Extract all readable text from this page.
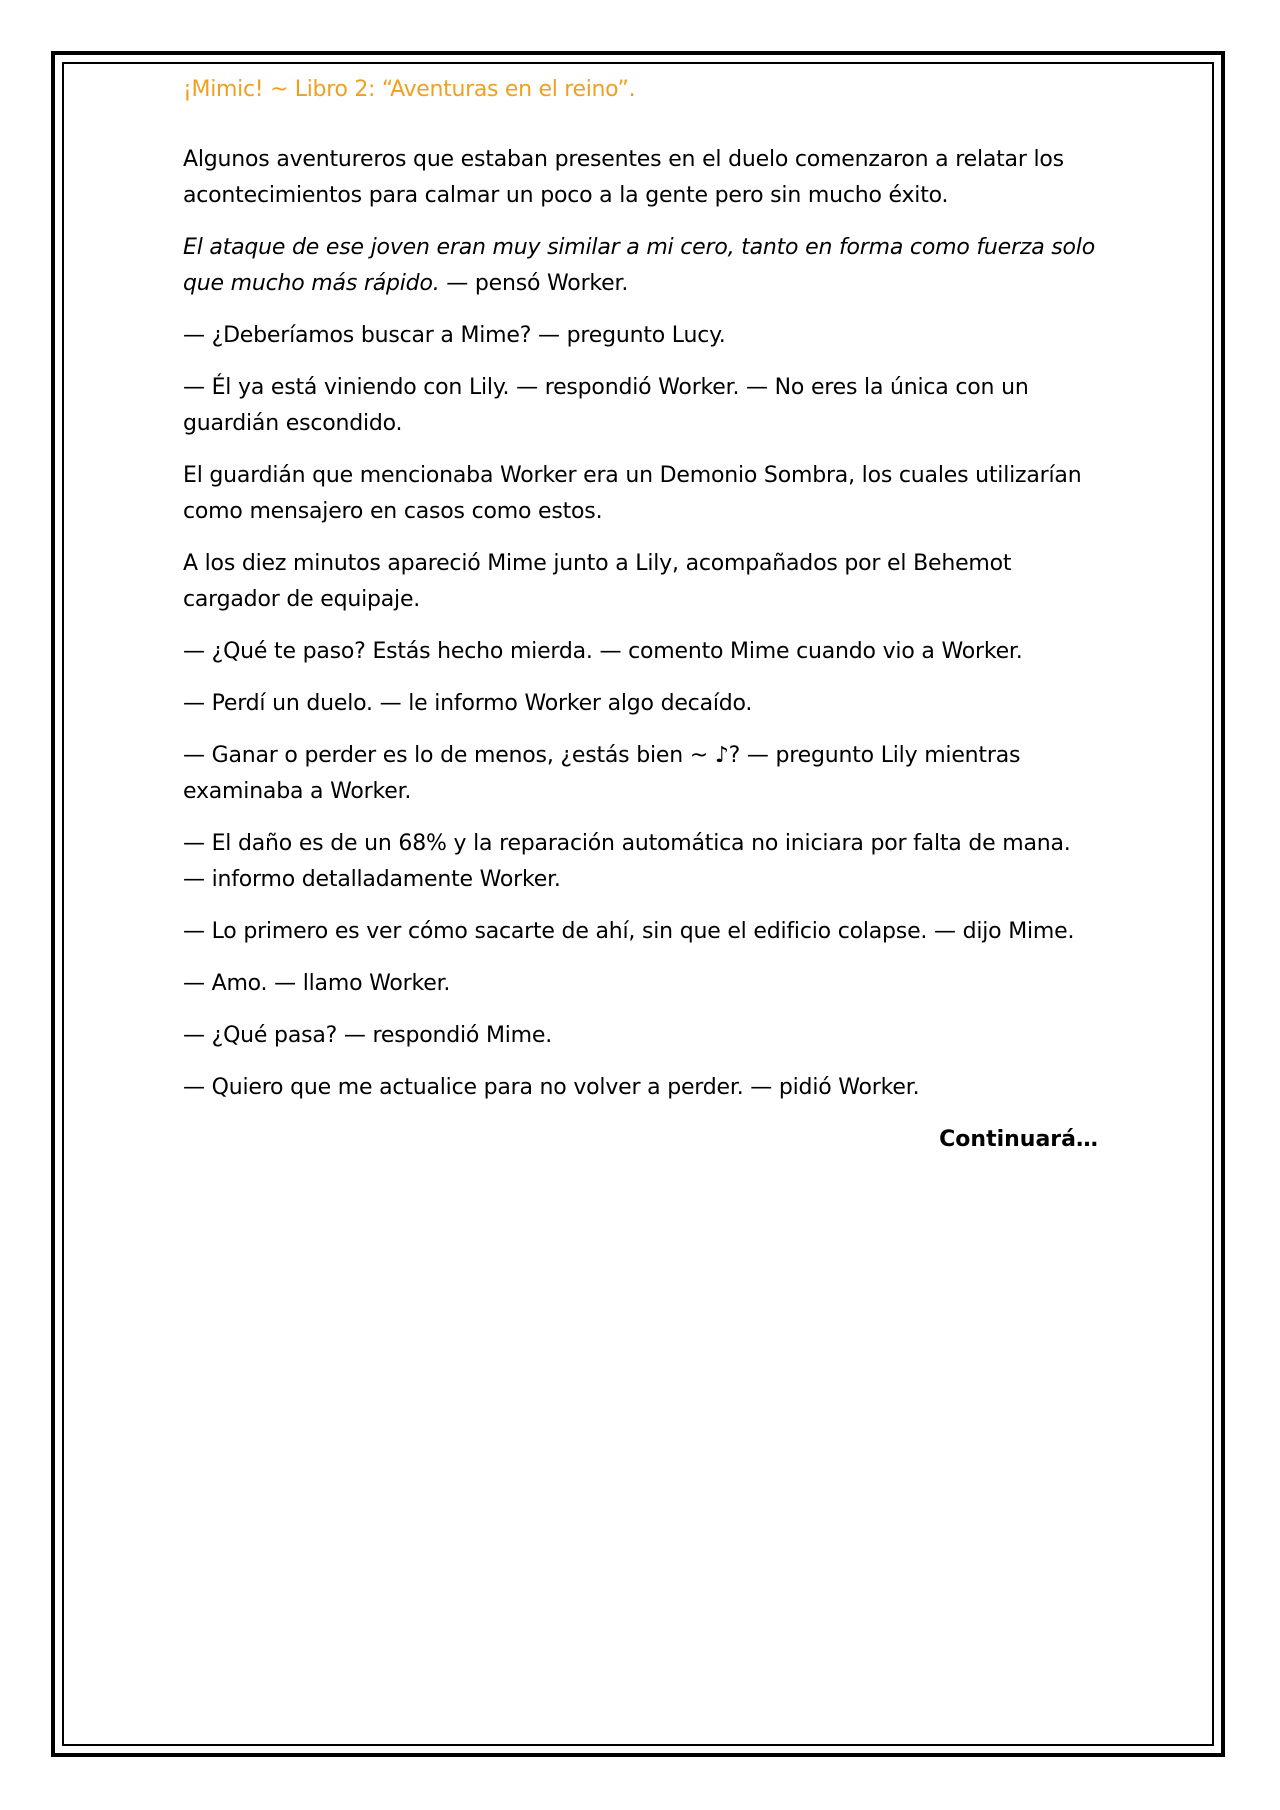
¡Mimic! ~ Libro 2: “Aventuras en el reino”.

Algunos aventureros que estaban presentes en el duelo comenzaron a relatar los acontecimientos para calmar un poco a la gente pero sin mucho éxito.

El ataque de ese joven eran muy similar a mi cero, tanto en forma como fuerza solo que mucho más rápido. — pensó Worker.

— ¿Deberíamos buscar a Mime? — pregunto Lucy.

— Él ya está viniendo con Lily. — respondió Worker. — No eres la única con un guardián escondido.

El guardián que mencionaba Worker era un Demonio Sombra, los cuales utilizarían como mensajero en casos como estos.

A los diez minutos apareció Mime junto a Lily, acompañados por el Behemot cargador de equipaje.

— ¿Qué te paso? Estás hecho mierda. — comento Mime cuando vio a Worker.

— Perdí un duelo. — le informo Worker algo decaído.

— Ganar o perder es lo de menos, ¿estás bien ~ ♪? — pregunto Lily mientras examinaba a Worker.

— El daño es de un 68% y la reparación automática no iniciara por falta de mana. — informo detalladamente Worker.

— Lo primero es ver cómo sacarte de ahí, sin que el edificio colapse. — dijo Mime.

— Amo. — llamo Worker.

— ¿Qué pasa? — respondió Mime.

— Quiero que me actualice para no volver a perder. — pidió Worker.

Continuará…
